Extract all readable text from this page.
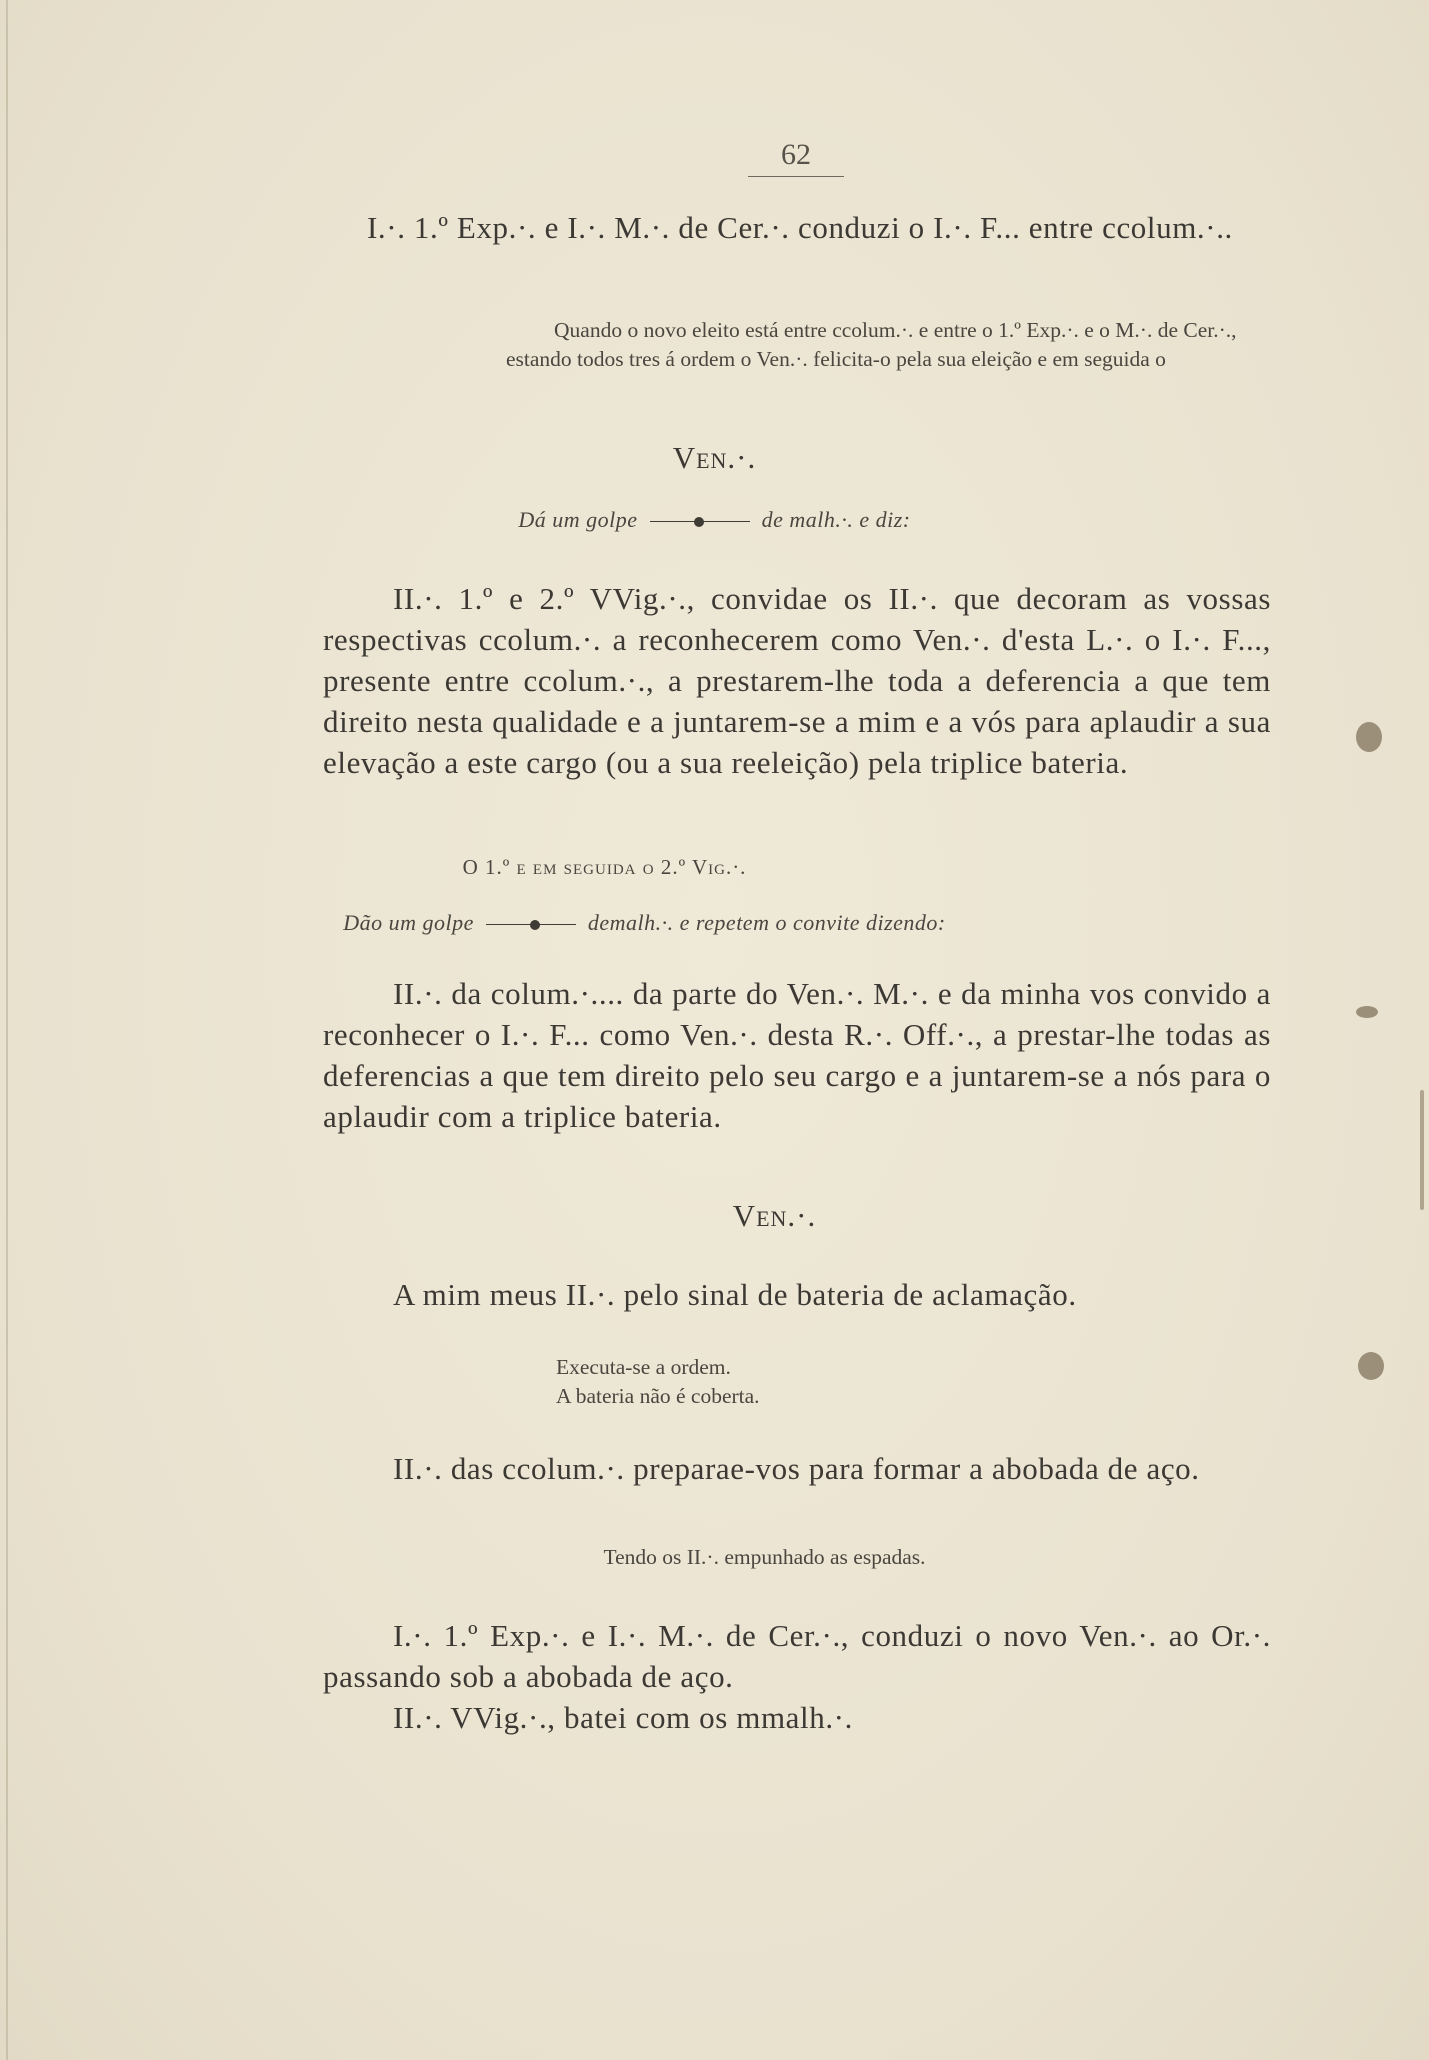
62
I.·. 1.º Exp.·. e I.·. M.·. de Cer.·. conduzi o I.·. F... entre ccolum.·..
Quando o novo eleito está entre ccolum.·. e entre o 1.º Exp.·. e o M.·. de Cer.·., estando todos tres á ordem o Ven.·. felicita-o pela sua eleição e em seguida o
Ven.·.
Dá um golpe	de malh.·. e diz:
II.·. 1.º e 2.º VVig.·., convidae os II.·. que decoram as vossas respectivas ccolum.·. a reconhecerem como Ven.·. d'esta L.·. o I.·. F..., presente entre ccolum.·., a prestarem-lhe toda a deferencia a que tem direito nesta qualidade e a juntarem-se a mim e a vós para aplaudir a sua elevação a este cargo (ou a sua reeleição) pela triplice bateria.
O 1.º e em seguida o 2.º Vig.·.
Dão um golpe	demalh.·. e repetem o convite dizendo:
II.·. da colum.·.... da parte do Ven.·. M.·. e da minha vos convido a reconhecer o I.·. F... como Ven.·. desta R.·. Off.·., a prestar-lhe todas as deferencias a que tem direito pelo seu cargo e a juntarem-se a nós para o aplaudir com a triplice bateria.
Ven.·.
A mim meus II.·. pelo sinal de bateria de aclamação.
Executa-se a ordem.
A bateria não é coberta.
II.·. das ccolum.·. preparae-vos para formar a abobada de aço.
Tendo os II.·. empunhado as espadas.
I.·. 1.º Exp.·. e I.·. M.·. de Cer.·., conduzi o novo Ven.·. ao Or.·. passando sob a abobada de aço.
II.·. VVig.·., batei com os mmalh.·.
